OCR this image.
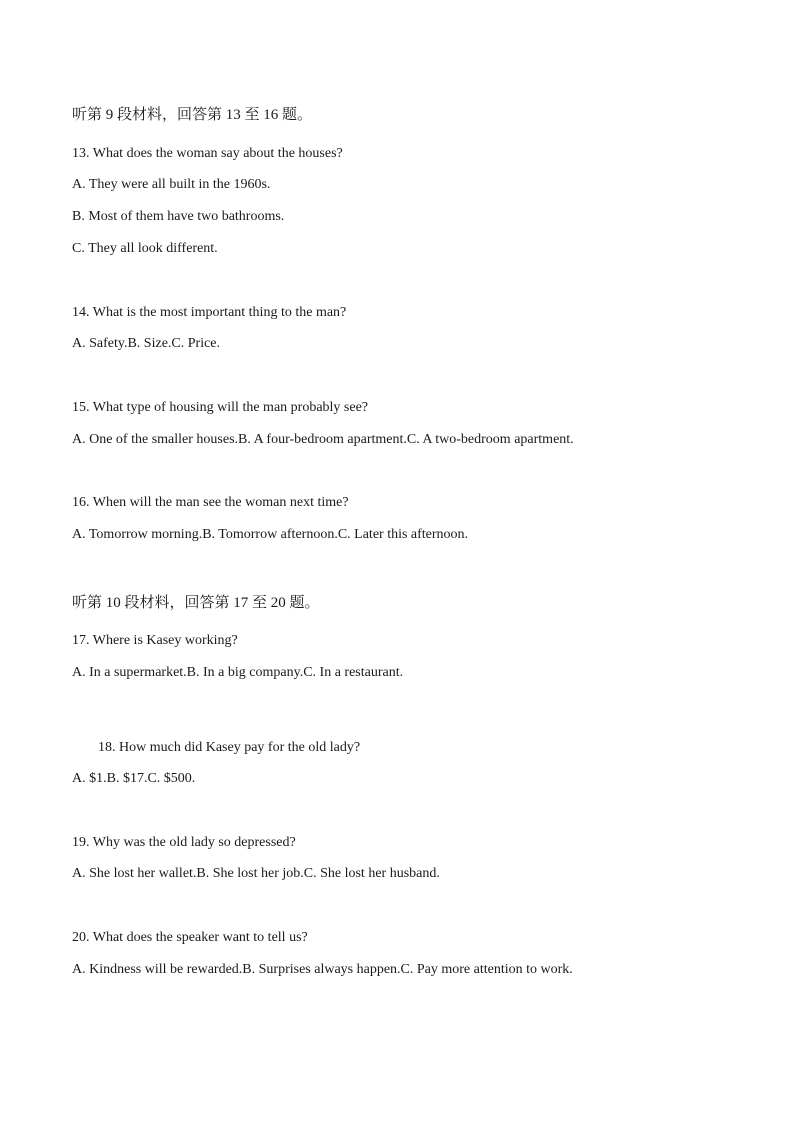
听第 9 段材料，回答第 13 至 16 题。

13. What does the woman say about the houses?

A. They were all built in the 1960s.

B. Most of them have two bathrooms.

C. They all look different.

14. What is the most important thing to the man?

A. Safety.B. Size.C. Price.

15. What type of housing will the man probably see?

A. One of the smaller houses.B. A four-bedroom apartment.C. A two-bedroom apartment.

16. When will the man see the woman next time?

A. Tomorrow morning.B. Tomorrow afternoon.C. Later this afternoon.

听第 10 段材料，回答第 17 至 20 题。

17. Where is Kasey working?

A. In a supermarket.B. In a big company.C. In a restaurant.

18. How much did Kasey pay for the old lady?

A. $1.B. $17.C. $500.

19. Why was the old lady so depressed?

A. She lost her wallet.B. She lost her job.C. She lost her husband.

20. What does the speaker want to tell us?

A. Kindness will be rewarded.B. Surprises always happen.C. Pay more attention to work.
